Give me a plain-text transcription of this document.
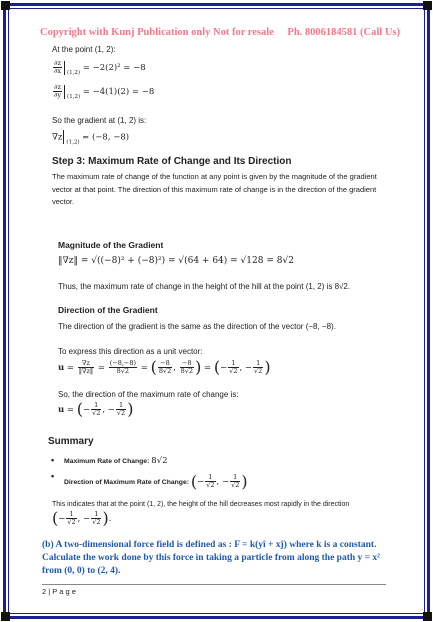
Copyright with Kunj Publication only Not for resale Ph. 8006184581 (Call Us)
At the point (1, 2):
$\frac{\partial z}{\partial x} _{(1,2)} = -2(2)^2 = -8$
$\frac{\partial z}{\partial y} _{(1,2)} = -4(1)(2) = -8$
So the gradient at (1, 2) is:
∇z $_{(1,2)}$ = (−8, −8)
Step 3: Maximum Rate of Change and Its Direction
The maximum rate of change of the function at any point is given by the magnitude of the gradient vector at that point. The direction of this maximum rate of change is in the direction of the gradient vector.
Magnitude of the Gradient
‖∇z‖ = √((−8)² + (−8)²) = √(64 + 64) = √128 = 8√2
Thus, the maximum rate of change in the height of the hill at the point (1, 2) is 8√2.
Direction of the Gradient
The direction of the gradient is the same as the direction of the vector (−8, −8).
To express this direction as a unit vector:
$u = \frac{\nabla z}{‖\nabla z‖} = \frac{(-8,-8)}{8√2}$ = ( $\frac{-8}{8√2}$ , $\frac{-8}{8√2}$ ) = (− $\frac{1}{√2}$ , − $\frac{1}{√2}$ )
So, the direction of the maximum rate of change is:
u = (− $\frac{1}{√2}$ , − $\frac{1}{√2}$ )
Summary
• Maximum Rate of Change: 8√2
• Direction of Maximum Rate of Change: (− $\frac{1}{√2}$ , − $\frac{1}{√2}$ )
This indicates that at the point (1, 2), the height of the hill decreases most rapidly in the direction
(− $\frac{1}{√2}$ , − $\frac{1}{√2}$ ).
(b) A two-dimensional force field is defined as : F = k(yî + xĵ) where k is a constant. Calculate the work done by this force in taking a particle from along the path y = x² from (0, 0) to (2, 4).
2 | P a g e
